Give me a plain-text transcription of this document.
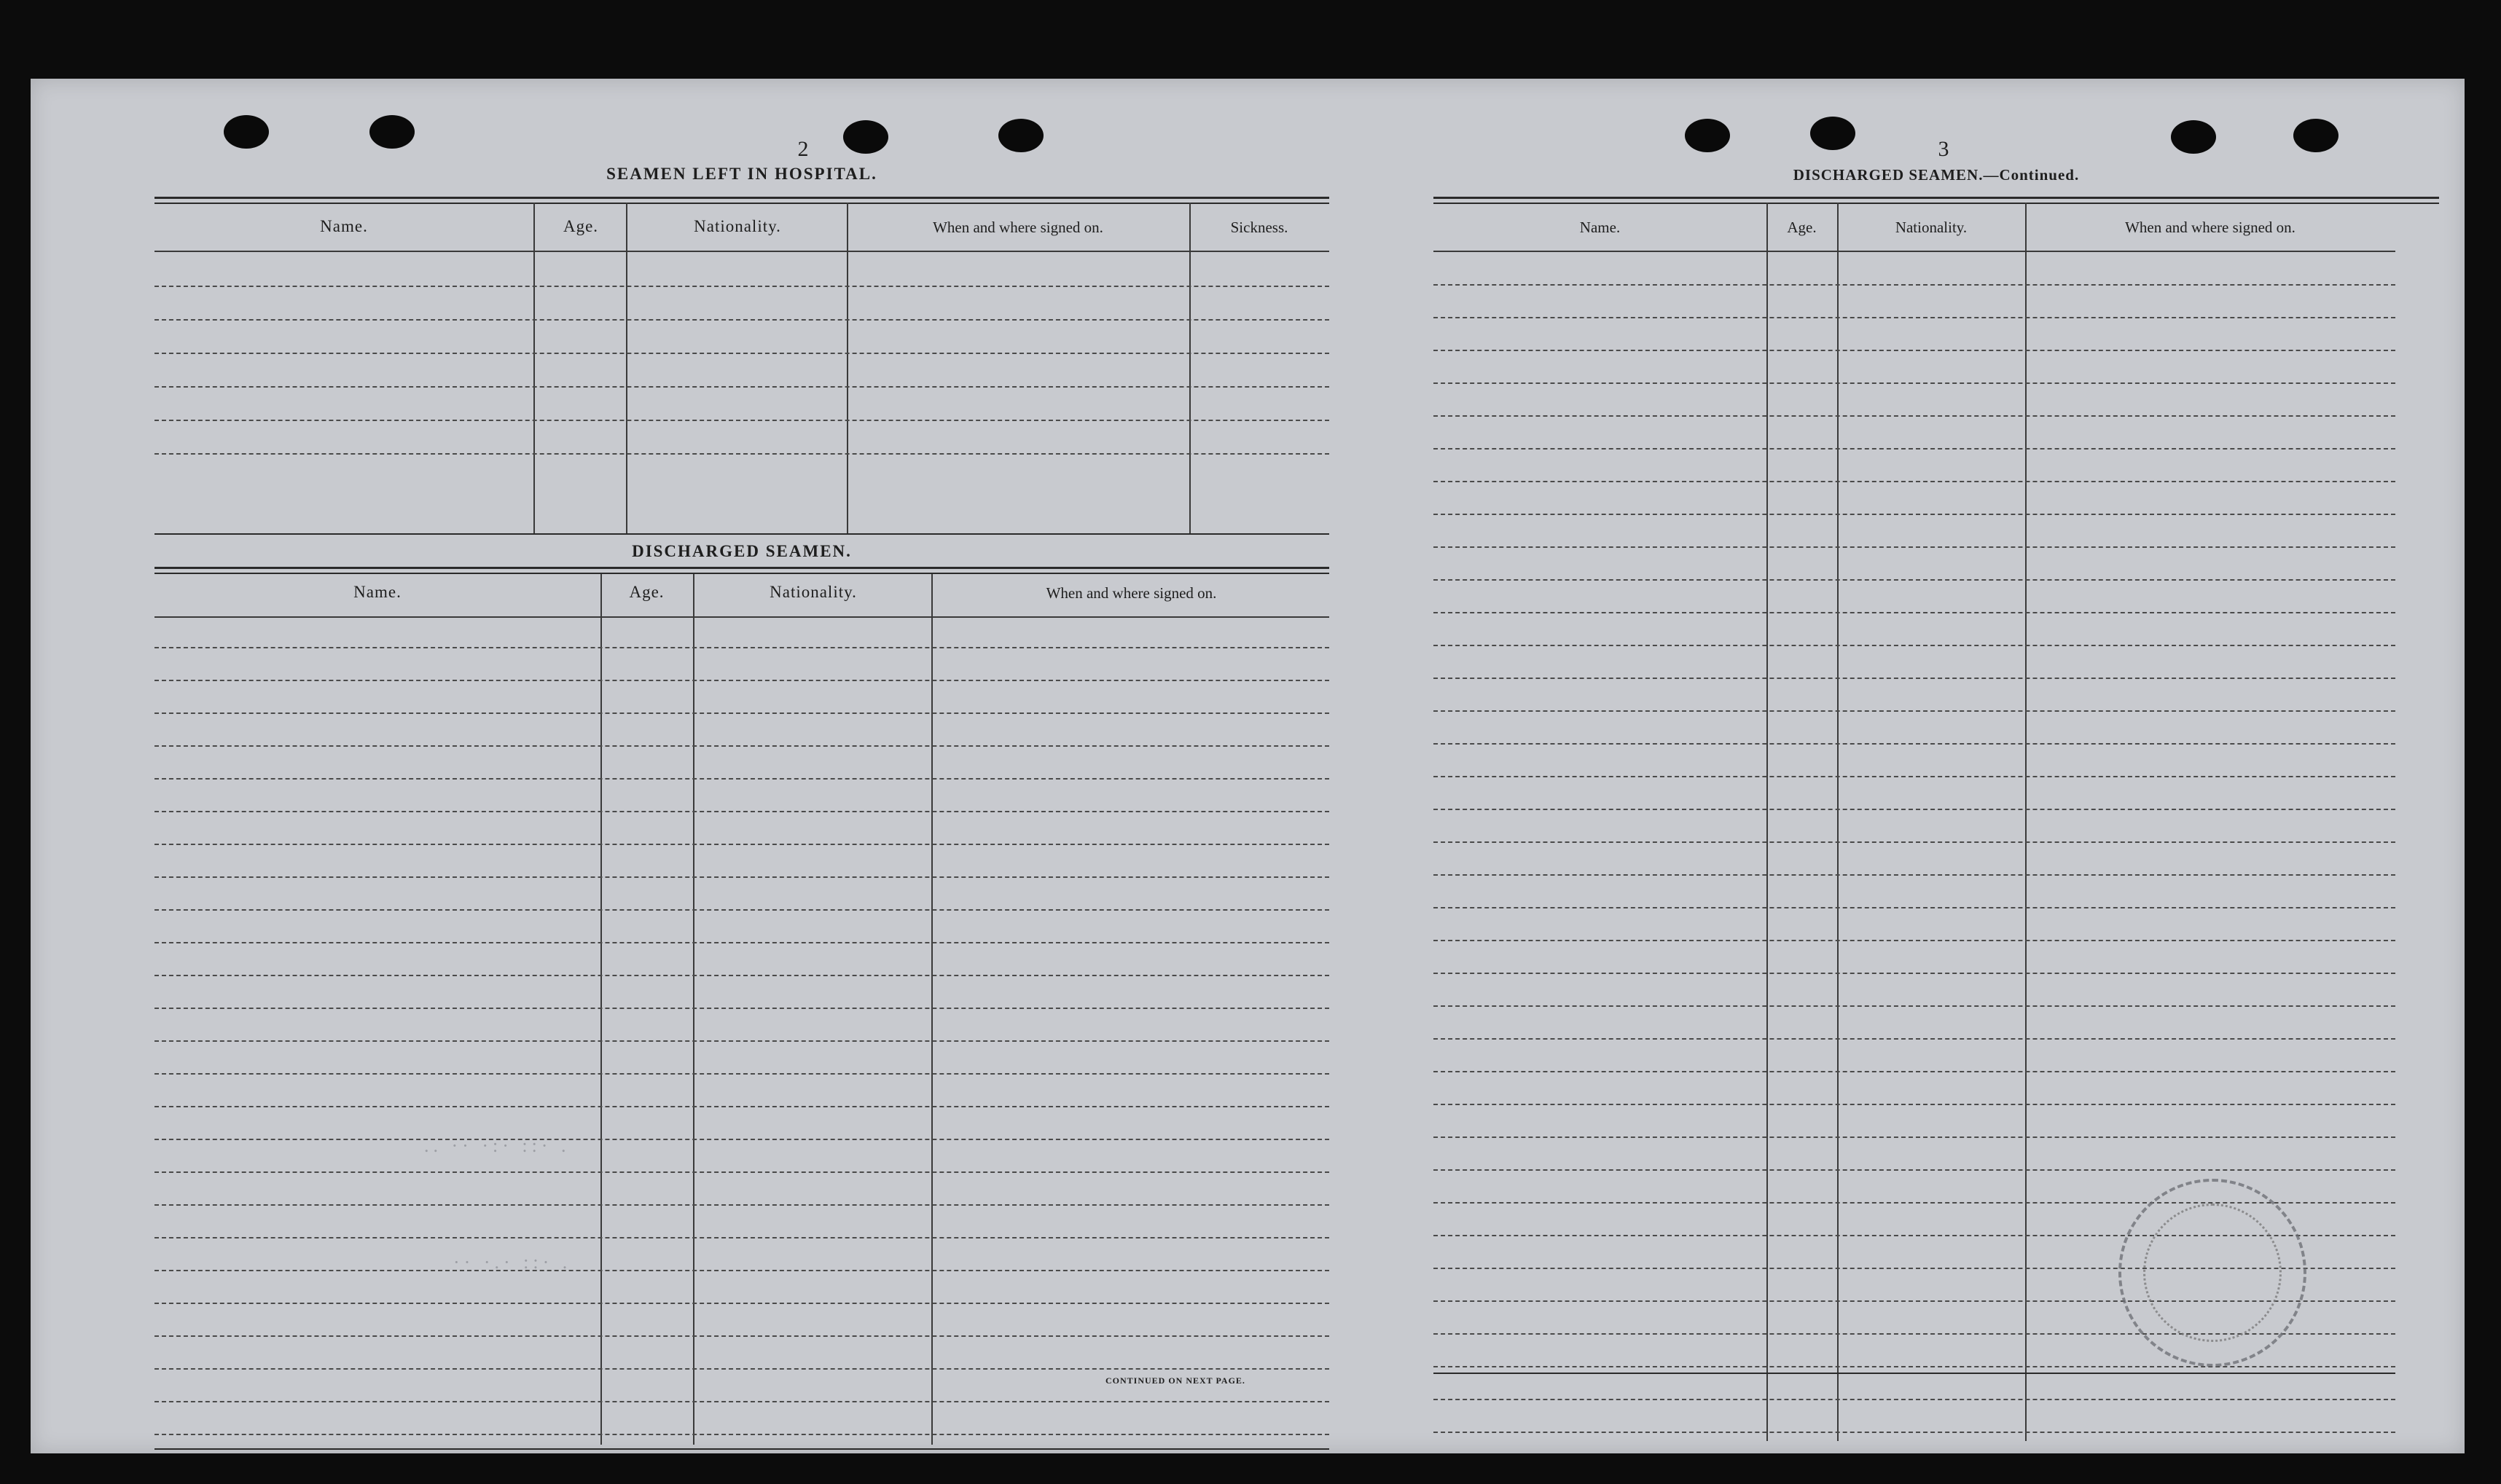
2
SEAMEN LEFT IN HOSPITAL.
Name.	Age.	Nationality.	When and where signed on.	Sickness.
DISCHARGED SEAMEN.
Name.	Age.	Nationality.	When and where signed on.
.. ·· ·:· ::· .
·· ·.· ::· .
CONTINUED ON NEXT PAGE.
3
DISCHARGED SEAMEN.—Continued.
Name.	Age.	Nationality.	When and where signed on.
